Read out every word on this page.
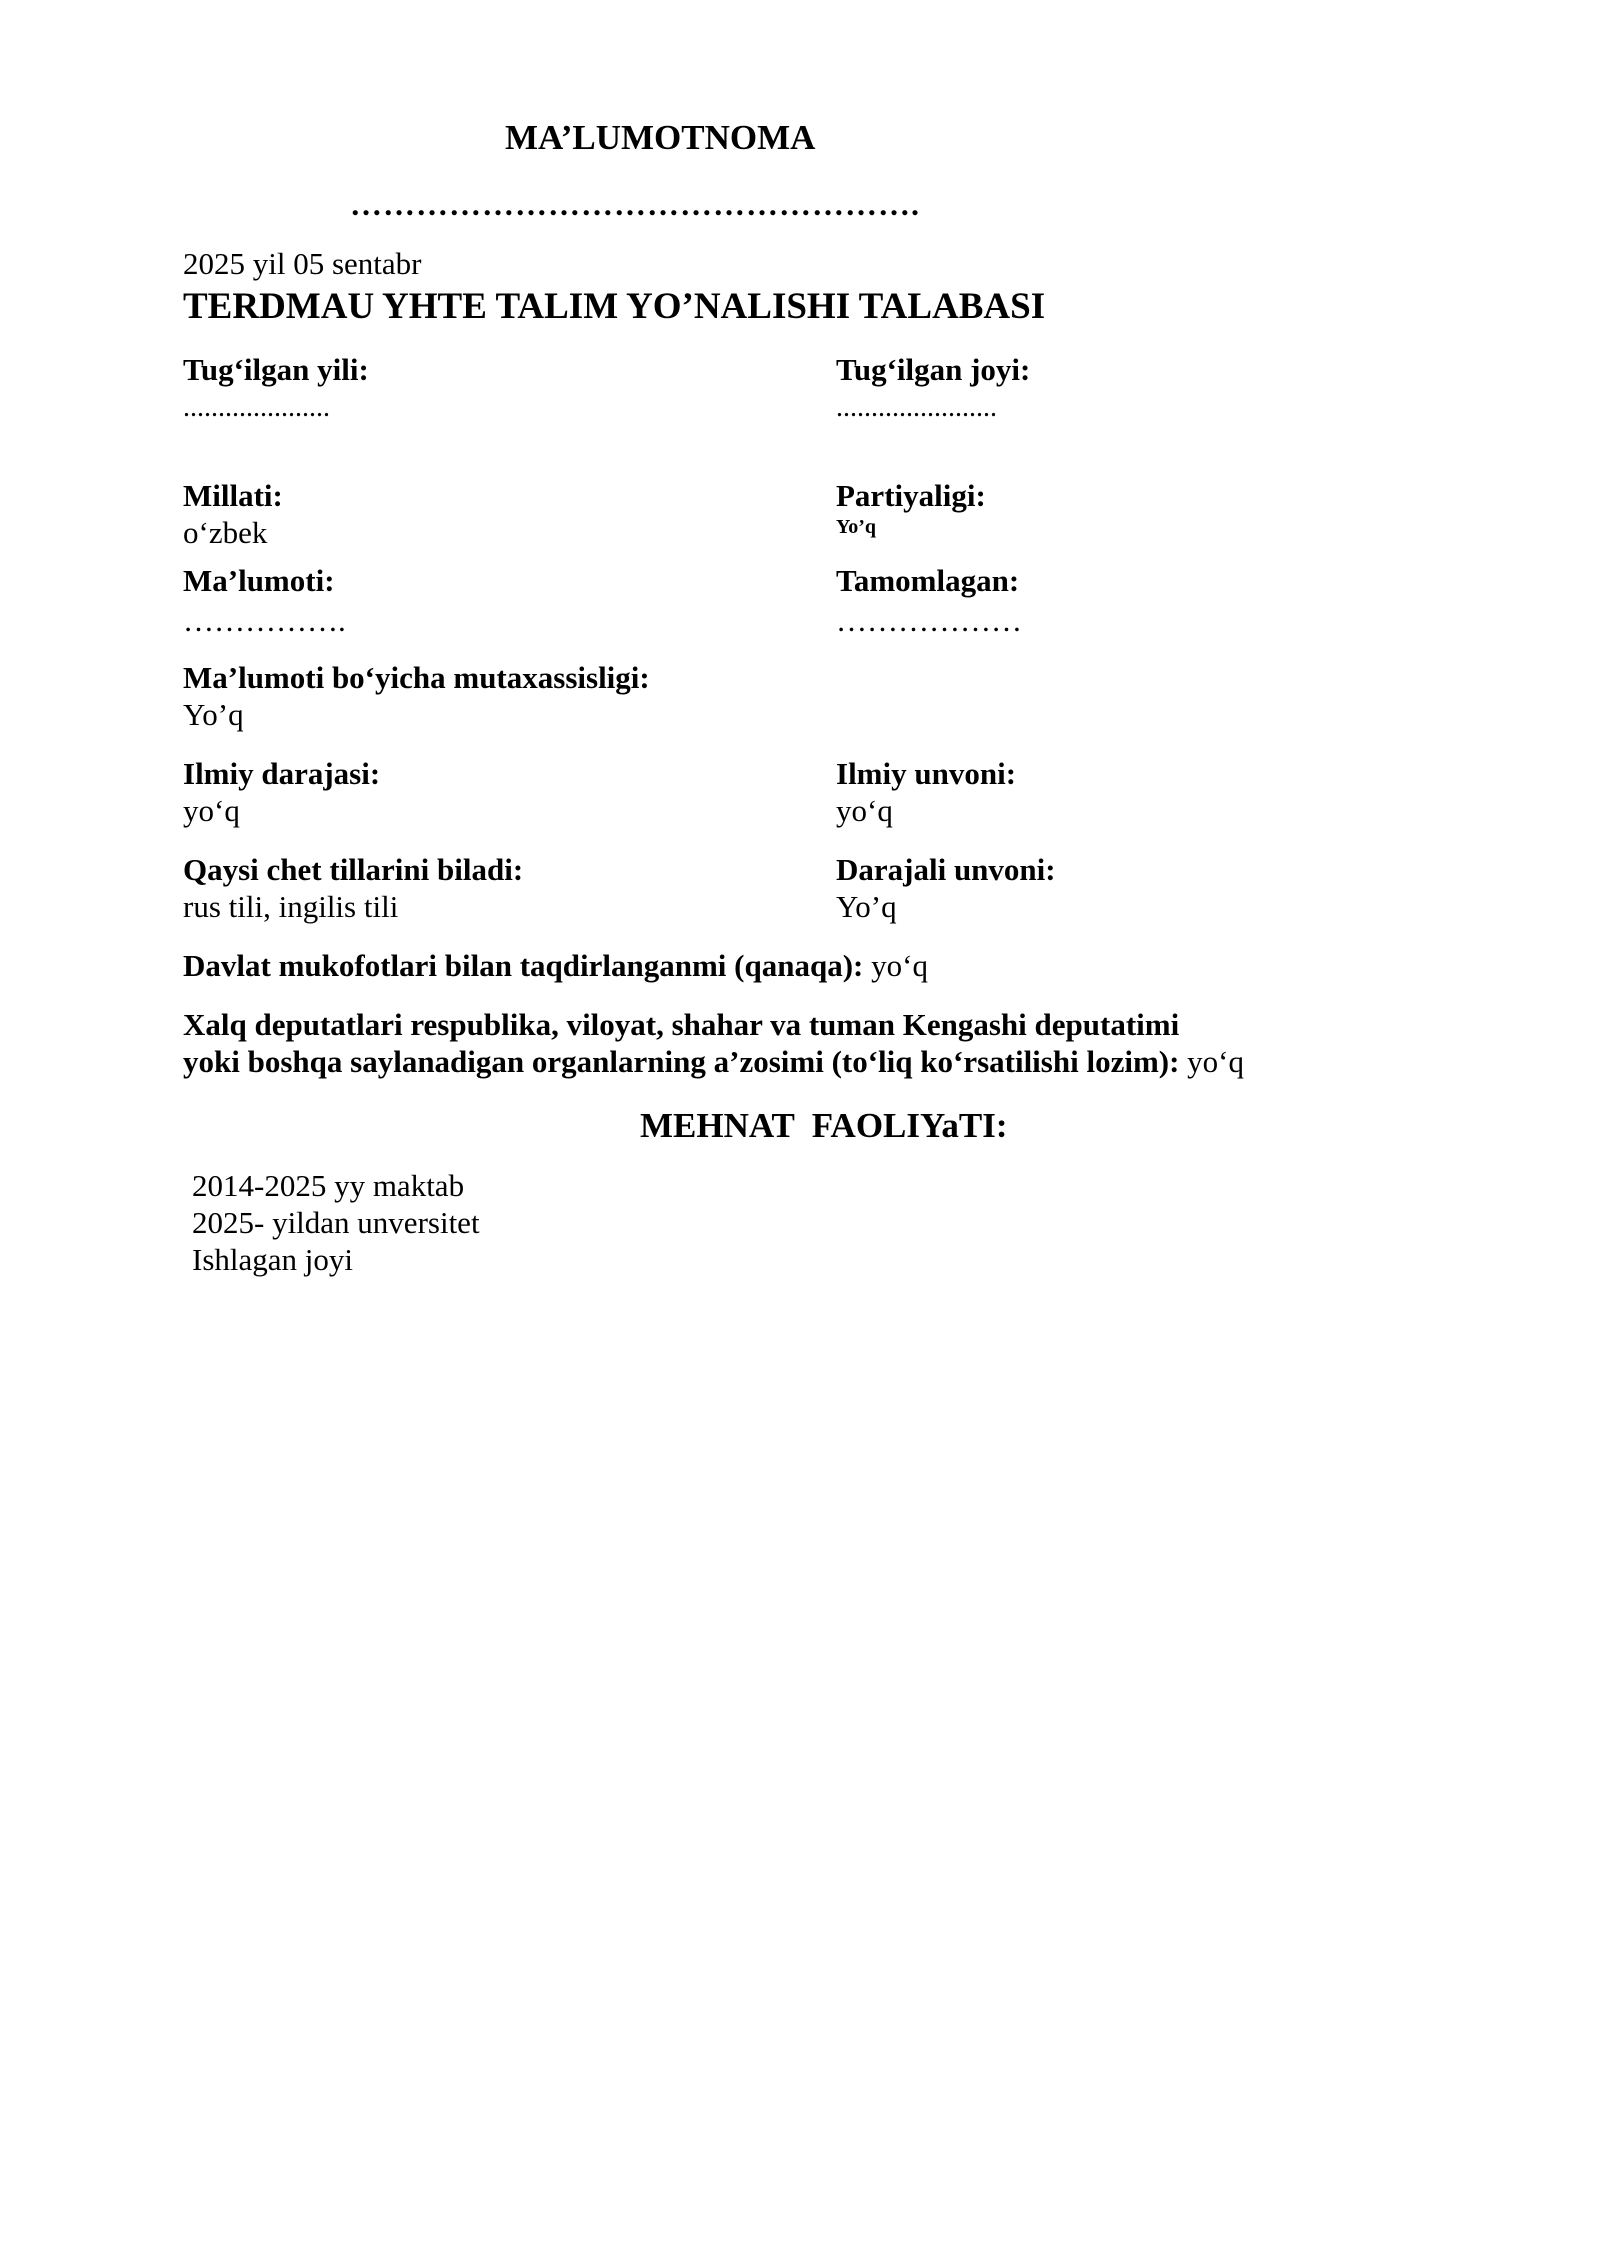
MA’LUMOTNOMA
…………………………………………….
2025 yil 05 sentabr
TERDMAU YHTE TALIM YO’NALISHI TALABASI
Tug‘ilgan yili:
.....................
Tug‘ilgan joyi:
.......................
Millati:
o‘zbek
Partiyaligi:
Yo’q
Ma’lumoti:
…………….
Tamomlagan:
………………
Ma’lumoti bo‘yicha mutaxassisligi:
Yo’q
Ilmiy darajasi:
yo‘q
Ilmiy unvoni:
yo‘q
Qaysi chet tillarini biladi:
rus tili, ingilis tili
Darajali unvoni:
Yo’q
Davlat mukofotlari bilan taqdirlanganmi (qanaqa): yo‘q
Xalq deputatlari respublika, viloyat, shahar va tuman Kengashi deputatimi
yoki boshqa saylanadigan organlarning a’zosimi (to‘liq ko‘rsatilishi lozim): yo‘q
MEHNAT  FAOLIYaTI:
2014-2025 yy maktab
2025- yildan unversitet
Ishlagan joyi
